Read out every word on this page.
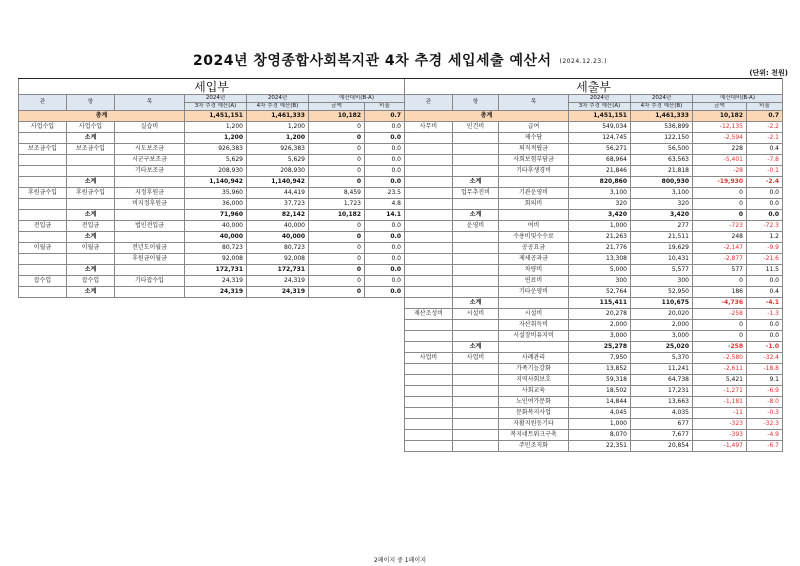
2024년 창영종합사회복지관 4차 추경 세입세출 예산서 (2024.12.23.)
(단위: 천원)
세입부						
관	항	목	2024년	2024년	예산대비(B-A)	
			3차 추경 예산(A)	4차 추경 예산(B)	금액	비율
총계			1,451,151	1,461,333	10,182	0.7
사업수입	사업수입	실습비	1,200	1,200	0	0.0
	소계		1,200	1,200	0	0.0
보조금수입	보조금수입	시도보조금	926,383	926,383	0	0.0
		시군구보조금	5,629	5,629	0	0.0
		기타보조금	208,930	208,930	0	0.0
	소계		1,140,942	1,140,942	0	0.0
후원금수입	후원금수입	지정후원금	35,960	44,419	8,459	23.5
		비지정후원금	36,000	37,723	1,723	4.8
	소계		71,960	82,142	10,182	14.1
전입금	전입금	법인전입금	40,000	40,000	0	0.0
	소계		40,000	40,000	0	0.0
이월금	이월금	전년도이월금	80,723	80,723	0	0.0
		후원금이월금	92,008	92,008	0	0.0
	소계		172,731	172,731	0	0.0
잡수입	잡수입	기타잡수입	24,319	24,319	0	0.0
	소계		24,319	24,319	0	0.0
세출부						
관	항	목	2024년	2024년	예산대비(B-A)	
			3차 추경 예산(A)	4차 추경 예산(B)	금액	비율
총계			1,451,151	1,461,333	10,182	0.7
사무비	인건비	급여	549,034	536,899	-12,135	-2.2
		제수당	124,745	122,150	-2,594	-2.1
		퇴직적립금	56,271	56,500	228	0.4
		사회보험부담금	68,964	63,563	-5,401	-7.8
		기타후생경비	21,846	21,818	-28	-0.1
	소계		820,860	800,930	-19,930	-2.4
	업무추진비	기관운영비	3,100	3,100	0	0.0
		회의비	320	320	0	0.0
	소계		3,420	3,420	0	0.0
	운영비	여비	1,000	277	-723	-72.3
		수용비및수수료	21,263	21,511	248	1.2
		공공요금	21,776	19,629	-2,147	-9.9
		제세공과금	13,308	10,431	-2,877	-21.6
		차량비	5,000	5,577	577	11.5
		연료비	300	300	0	0.0
		기타운영비	52,764	52,950	186	0.4
	소계		115,411	110,675	-4,736	-4.1
재산조성비	시설비	시설비	20,278	20,020	-258	-1.3
		자산취득비	2,000	2,000	0	0.0
		시설장비유지비	3,000	3,000	0	0.0
	소계		25,278	25,020	-258	-1.0
사업비	사업비	사례관리	7,950	5,370	-2,580	-32.4
		가족기능강화	13,852	11,241	-2,611	-18.8
		지역사회보호	59,318	64,738	5,421	9.1
		사회교육	18,502	17,231	-1,271	-6.9
		노인여가문화	14,844	13,663	-1,181	-8.0
		문화복지사업	4,045	4,035	-11	-0.3
		자활지원등기타	1,000	677	-323	-32.3
		복지네트워크구축	8,070	7,677	-393	-4.9
		주민조직화	22,351	20,854	-1,497	-6.7
2페이지 중 1페이지
